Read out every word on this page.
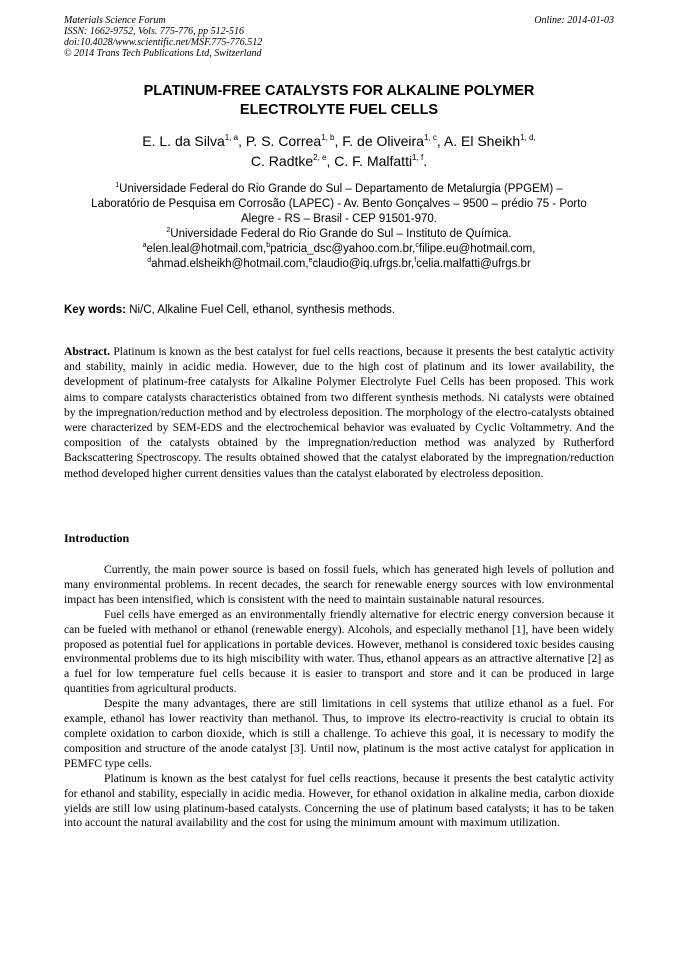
Materials Science Forum
ISSN: 1662-9752, Vols. 775-776, pp 512-516
doi:10.4028/www.scientific.net/MSF.775-776.512
© 2014 Trans Tech Publications Ltd, Switzerland
Online: 2014-01-03
PLATINUM-FREE CATALYSTS FOR ALKALINE POLYMER
ELECTROLYTE FUEL CELLS
E. L. da Silva$^{1, a}$, P. S. Correa$^{1, b}$, F. de Oliveira$^{1, c}$, A. El Sheikh$^{1, d,}$
C. Radtke$^{2, e}$, C. F. Malfatti$^{1, f}$.
$^1$Universidade Federal do Rio Grande do Sul – Departamento de Metalurgia (PPGEM) –
Laboratório de Pesquisa em Corrosão (LAPEC) - Av. Bento Gonçalves – 9500 – prédio 75 - Porto
Alegre - RS – Brasil - CEP 91501-970.
$^2$Universidade Federal do Rio Grande do Sul – Instituto de Química.
$^a$elen.leal@hotmail.com,$^b$patricia_dsc@yahoo.com.br,$^c$filipe.eu@hotmail.com,
$^d$ahmad.elsheikh@hotmail.com,$^e$claudio@iq.ufrgs.br,$^f$celia.malfatti@ufrgs.br
Key words: Ni/C, Alkaline Fuel Cell, ethanol, synthesis methods.
Abstract. Platinum is known as the best catalyst for fuel cells reactions, because it presents the best catalytic activity and stability, mainly in acidic media. However, due to the high cost of platinum and its lower availability, the development of platinum-free catalysts for Alkaline Polymer Electrolyte Fuel Cells has been proposed. This work aims to compare catalysts characteristics obtained from two different synthesis methods. Ni catalysts were obtained by the impregnation/reduction method and by electroless deposition. The morphology of the electro-catalysts obtained were characterized by SEM-EDS and the electrochemical behavior was evaluated by Cyclic Voltammetry. And the composition of the catalysts obtained by the impregnation/reduction method was analyzed by Rutherford Backscattering Spectroscopy. The results obtained showed that the catalyst elaborated by the impregnation/reduction method developed higher current densities values than the catalyst elaborated by electroless deposition.
Introduction

Currently, the main power source is based on fossil fuels, which has generated high levels of pollution and many environmental problems. In recent decades, the search for renewable energy sources with low environmental impact has been intensified, which is consistent with the need to maintain sustainable natural resources.

Fuel cells have emerged as an environmentally friendly alternative for electric energy conversion because it can be fueled with methanol or ethanol (renewable energy). Alcohols, and especially methanol [1], have been widely proposed as potential fuel for applications in portable devices. However, methanol is considered toxic besides causing environmental problems due to its high miscibility with water. Thus, ethanol appears as an attractive alternative [2] as a fuel for low temperature fuel cells because it is easier to transport and store and it can be produced in large quantities from agricultural products.

Despite the many advantages, there are still limitations in cell systems that utilize ethanol as a fuel. For example, ethanol has lower reactivity than methanol. Thus, to improve its electro-reactivity is crucial to obtain its complete oxidation to carbon dioxide, which is still a challenge. To achieve this goal, it is necessary to modify the composition and structure of the anode catalyst [3]. Until now, platinum is the most active catalyst for application in PEMFC type cells.

Platinum is known as the best catalyst for fuel cells reactions, because it presents the best catalytic activity for ethanol and stability, especially in acidic media. However, for ethanol oxidation in alkaline media, carbon dioxide yields are still low using platinum-based catalysts. Concerning the use of platinum based catalysts; it has to be taken into account the natural availability and the cost for using the minimum amount with maximum utilization.
